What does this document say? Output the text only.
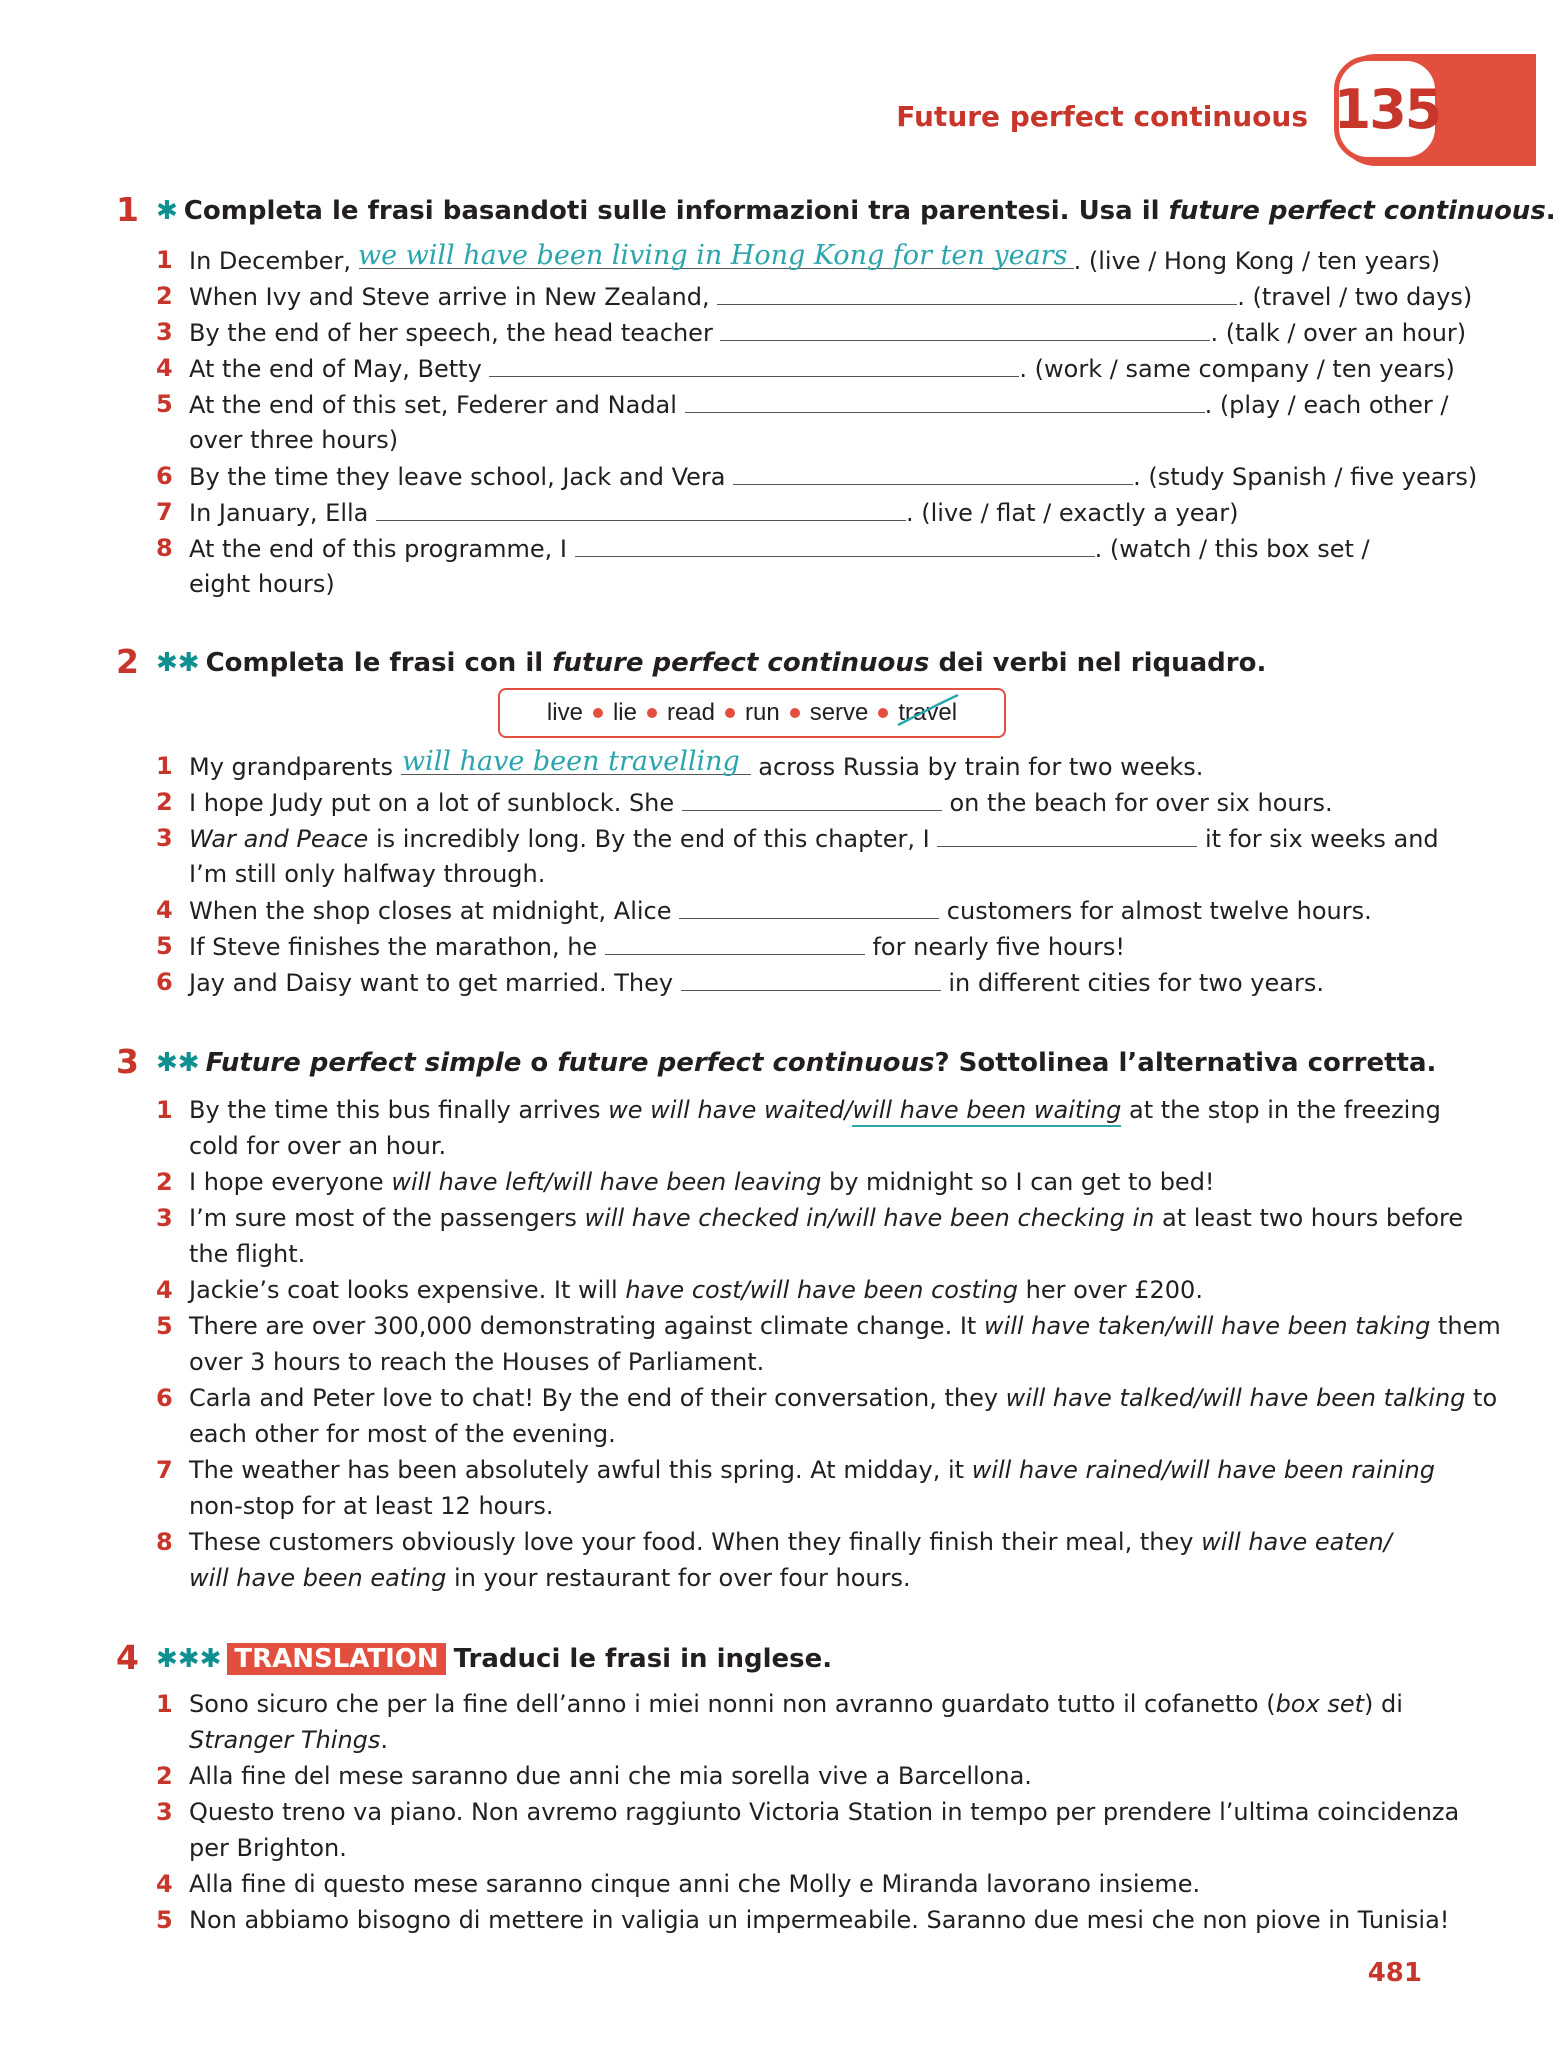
Future perfect continuous 135
1 ✱ Completa le frasi basandoti sulle informazioni tra parentesi. Usa il future perfect continuous.
1 In December,	. (live / Hong Kong / ten years)
we will have been living in Hong Kong for ten years
2 When Ivy and Steve arrive in New Zealand,	. (travel / two days)
3 By the end of her speech, the head teacher	. (talk / over an hour)
4 At the end of May, Betty	. (work / same company / ten years)
5 At the end of this set, Federer and Nadal	. (play / each other /
over three hours)
6 By the time they leave school, Jack and Vera	. (study Spanish / five years)
7 In January, Ella	. (live / flat / exactly a year)
8 At the end of this programme, I	. (watch / this box set /
eight hours)
2 ✱✱ Completa le frasi con il future perfect continuous dei verbi nel riquadro.
live lie read run serve travel
1 My grandparents	across Russia by train for two weeks.
will have been travelling
2 I hope Judy put on a lot of sunblock. She	on the beach for over six hours.
3 War and Peace is incredibly long. By the end of this chapter, I	it for six weeks and
I’m still only halfway through.
4 When the shop closes at midnight, Alice	customers for almost twelve hours.
5 If Steve finishes the marathon, he	for nearly five hours!
6 Jay and Daisy want to get married. They	in different cities for two years.
3 ✱✱ Future perfect simple o future perfect continuous? Sottolinea l’alternativa corretta.
1 By the time this bus finally arrives we will have waited/will have been waiting at the stop in the freezing
cold for over an hour.
2 I hope everyone will have left/will have been leaving by midnight so I can get to bed!
3 I’m sure most of the passengers will have checked in/will have been checking in at least two hours before
the flight.
4 Jackie’s coat looks expensive. It will have cost/will have been costing her over £200.
5 There are over 300,000 demonstrating against climate change. It will have taken/will have been taking them
over 3 hours to reach the Houses of Parliament.
6 Carla and Peter love to chat! By the end of their conversation, they will have talked/will have been talking to
each other for most of the evening.
7 The weather has been absolutely awful this spring. At midday, it will have rained/will have been raining
non-stop for at least 12 hours.
8 These customers obviously love your food. When they finally finish their meal, they will have eaten/
will have been eating in your restaurant for over four hours.
4 ✱✱✱ TRANSLATION Traduci le frasi in inglese.
1 Sono sicuro che per la fine dell’anno i miei nonni non avranno guardato tutto il cofanetto (box set) di
Stranger Things.
2 Alla fine del mese saranno due anni che mia sorella vive a Barcellona.
3 Questo treno va piano. Non avremo raggiunto Victoria Station in tempo per prendere l’ultima coincidenza
per Brighton.
4 Alla fine di questo mese saranno cinque anni che Molly e Miranda lavorano insieme.
5 Non abbiamo bisogno di mettere in valigia un impermeabile. Saranno due mesi che non piove in Tunisia!
481
